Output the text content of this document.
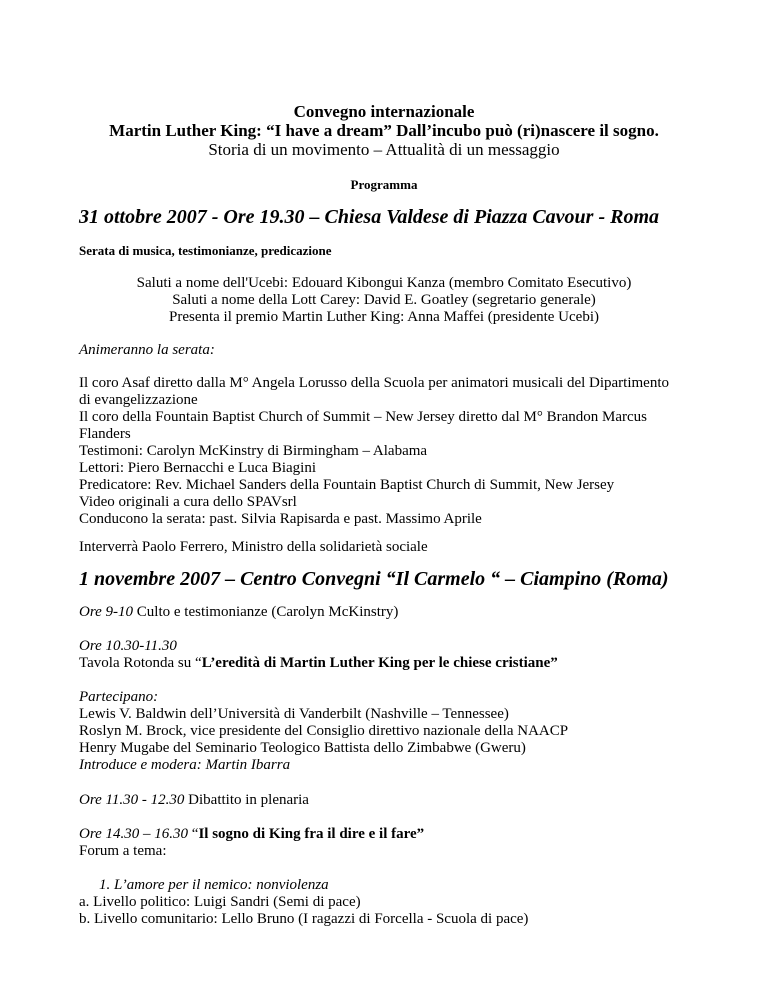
Convegno internazionale

Martin Luther King: “I have a dream” Dall’incubo può (ri)nascere il sogno.

Storia di un movimento – Attualità di un messaggio

Programma

31 ottobre 2007 - Ore 19.30 – Chiesa Valdese di Piazza Cavour - Roma

Serata di musica, testimonianze, predicazione

Saluti a nome dell'Ucebi: Edouard Kibongui Kanza (membro Comitato Esecutivo)

Saluti a nome della Lott Carey: David E. Goatley (segretario generale)

Presenta il premio Martin Luther King: Anna Maffei (presidente Ucebi)

Animeranno la serata:

Il coro Asaf diretto dalla M° Angela Lorusso della Scuola per animatori musicali del Dipartimento

di evangelizzazione

Il coro della Fountain Baptist Church of Summit – New Jersey diretto dal M° Brandon Marcus

Flanders

Testimoni: Carolyn McKinstry di Birmingham – Alabama

Lettori: Piero Bernacchi e Luca Biagini

Predicatore: Rev. Michael Sanders della Fountain Baptist Church di Summit, New Jersey

Video originali a cura dello SPAVsrl

Conducono la serata: past. Silvia Rapisarda e past. Massimo Aprile

Interverrà Paolo Ferrero, Ministro della solidarietà sociale

1 novembre 2007 – Centro Convegni “Il Carmelo “ – Ciampino (Roma)

Ore 9-10 Culto e testimonianze (Carolyn McKinstry)

Ore 10.30-11.30

Tavola Rotonda su “L’eredità di Martin Luther King per le chiese cristiane”

Partecipano:

Lewis V. Baldwin dell’Università di Vanderbilt (Nashville – Tennessee)

Roslyn M. Brock, vice presidente del Consiglio direttivo nazionale della NAACP

Henry Mugabe del Seminario Teologico Battista dello Zimbabwe (Gweru)

Introduce e modera: Martin Ibarra

Ore 11.30 - 12.30 Dibattito in plenaria

Ore 14.30 – 16.30 “Il sogno di King fra il dire e il fare”

Forum a tema:

1. L’amore per il nemico: nonviolenza

a. Livello politico: Luigi Sandri (Semi di pace)

b. Livello comunitario: Lello Bruno (I ragazzi di Forcella - Scuola di pace)
